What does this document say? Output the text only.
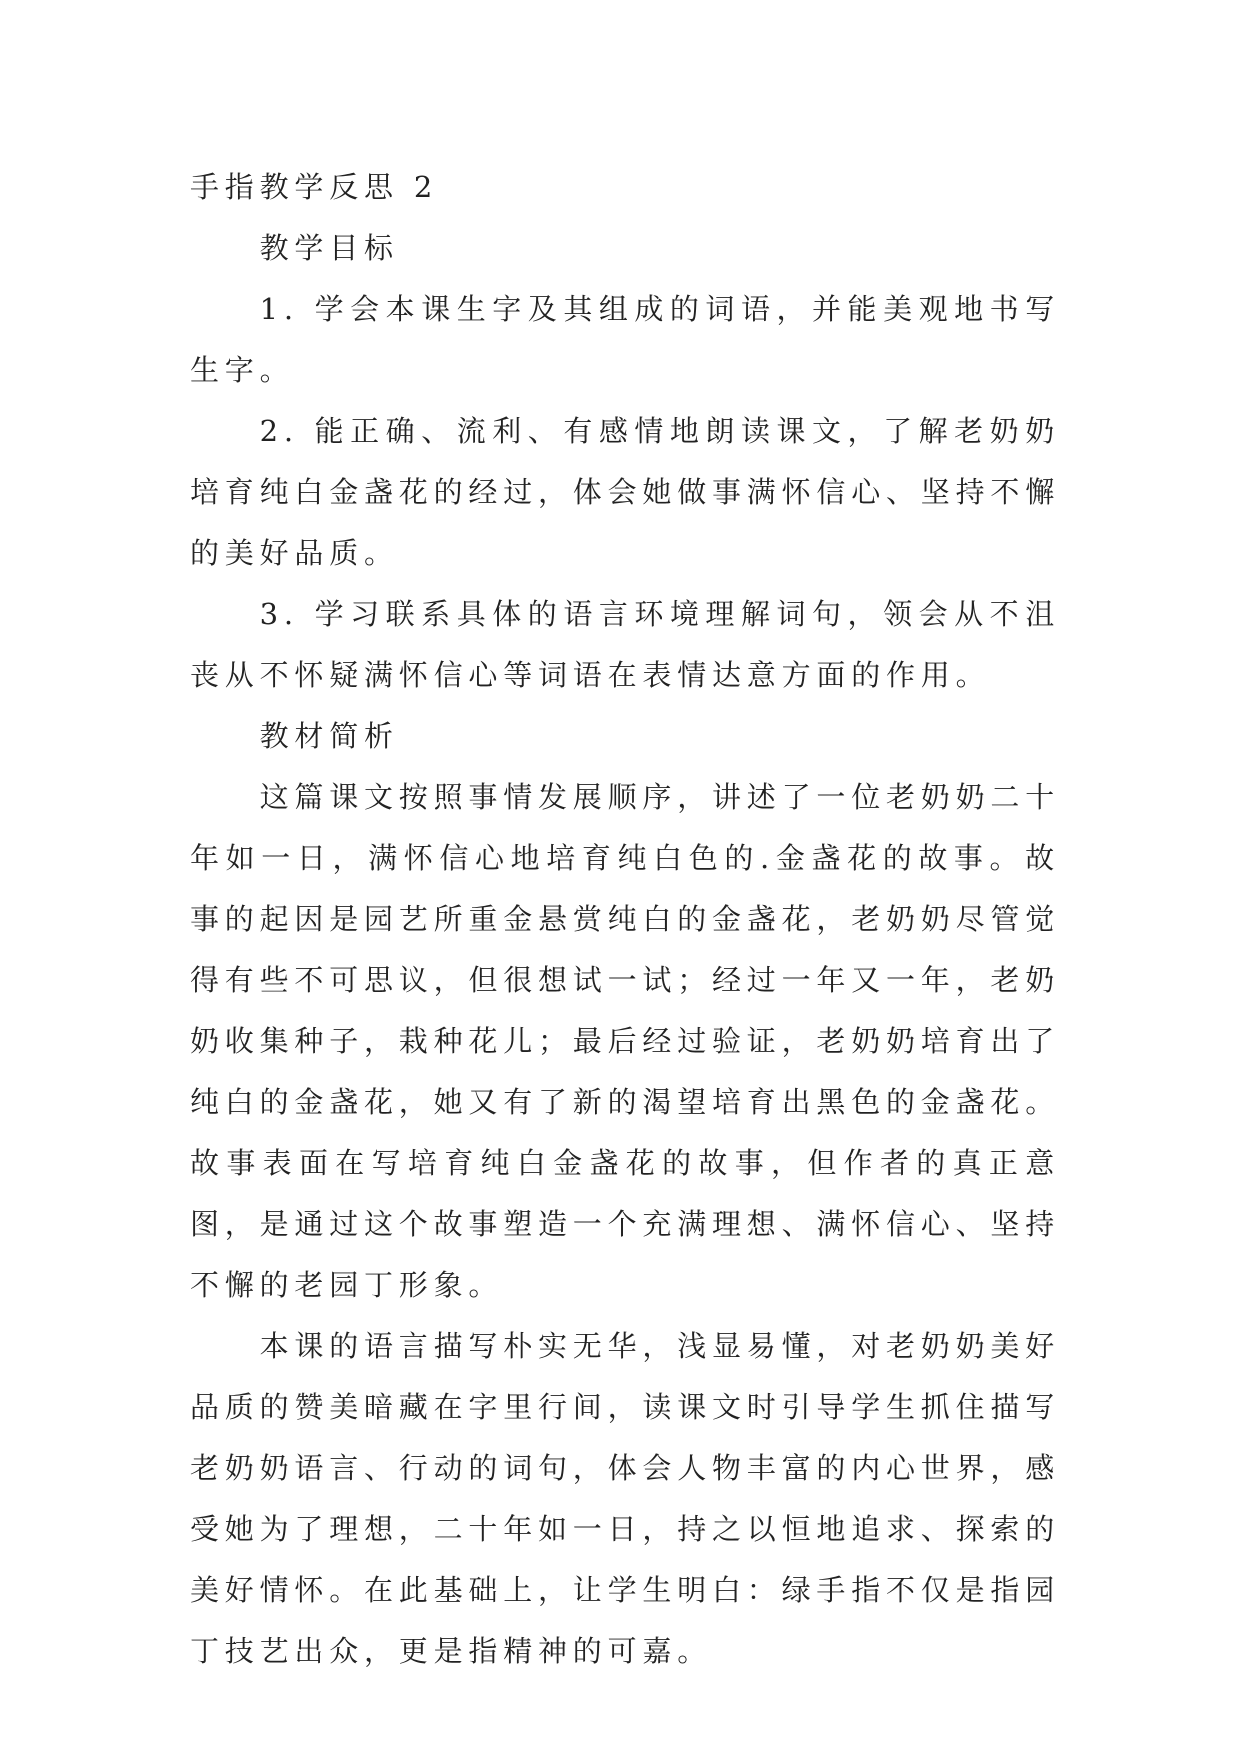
手指教学反思 2

教学目标

1. 学会本课生字及其组成的词语，并能美观地书写生字。

2. 能正确、流利、有感情地朗读课文，了解老奶奶培育纯白金盏花的经过，体会她做事满怀信心、坚持不懈的美好品质。

3. 学习联系具体的语言环境理解词句，领会从不沮丧从不怀疑满怀信心等词语在表情达意方面的作用。

教材简析

这篇课文按照事情发展顺序，讲述了一位老奶奶二十年如一日，满怀信心地培育纯白色的.金盏花的故事。故事的起因是园艺所重金悬赏纯白的金盏花，老奶奶尽管觉得有些不可思议，但很想试一试；经过一年又一年，老奶奶收集种子，栽种花儿；最后经过验证，老奶奶培育出了纯白的金盏花，她又有了新的渴望培育出黑色的金盏花。故事表面在写培育纯白金盏花的故事，但作者的真正意图，是通过这个故事塑造一个充满理想、满怀信心、坚持不懈的老园丁形象。

本课的语言描写朴实无华，浅显易懂，对老奶奶美好品质的赞美暗藏在字里行间，读课文时引导学生抓住描写老奶奶语言、行动的词句，体会人物丰富的内心世界，感受她为了理想，二十年如一日，持之以恒地追求、探索的美好情怀。在此基础上，让学生明白：绿手指不仅是指园丁技艺出众，更是指精神的可嘉。
